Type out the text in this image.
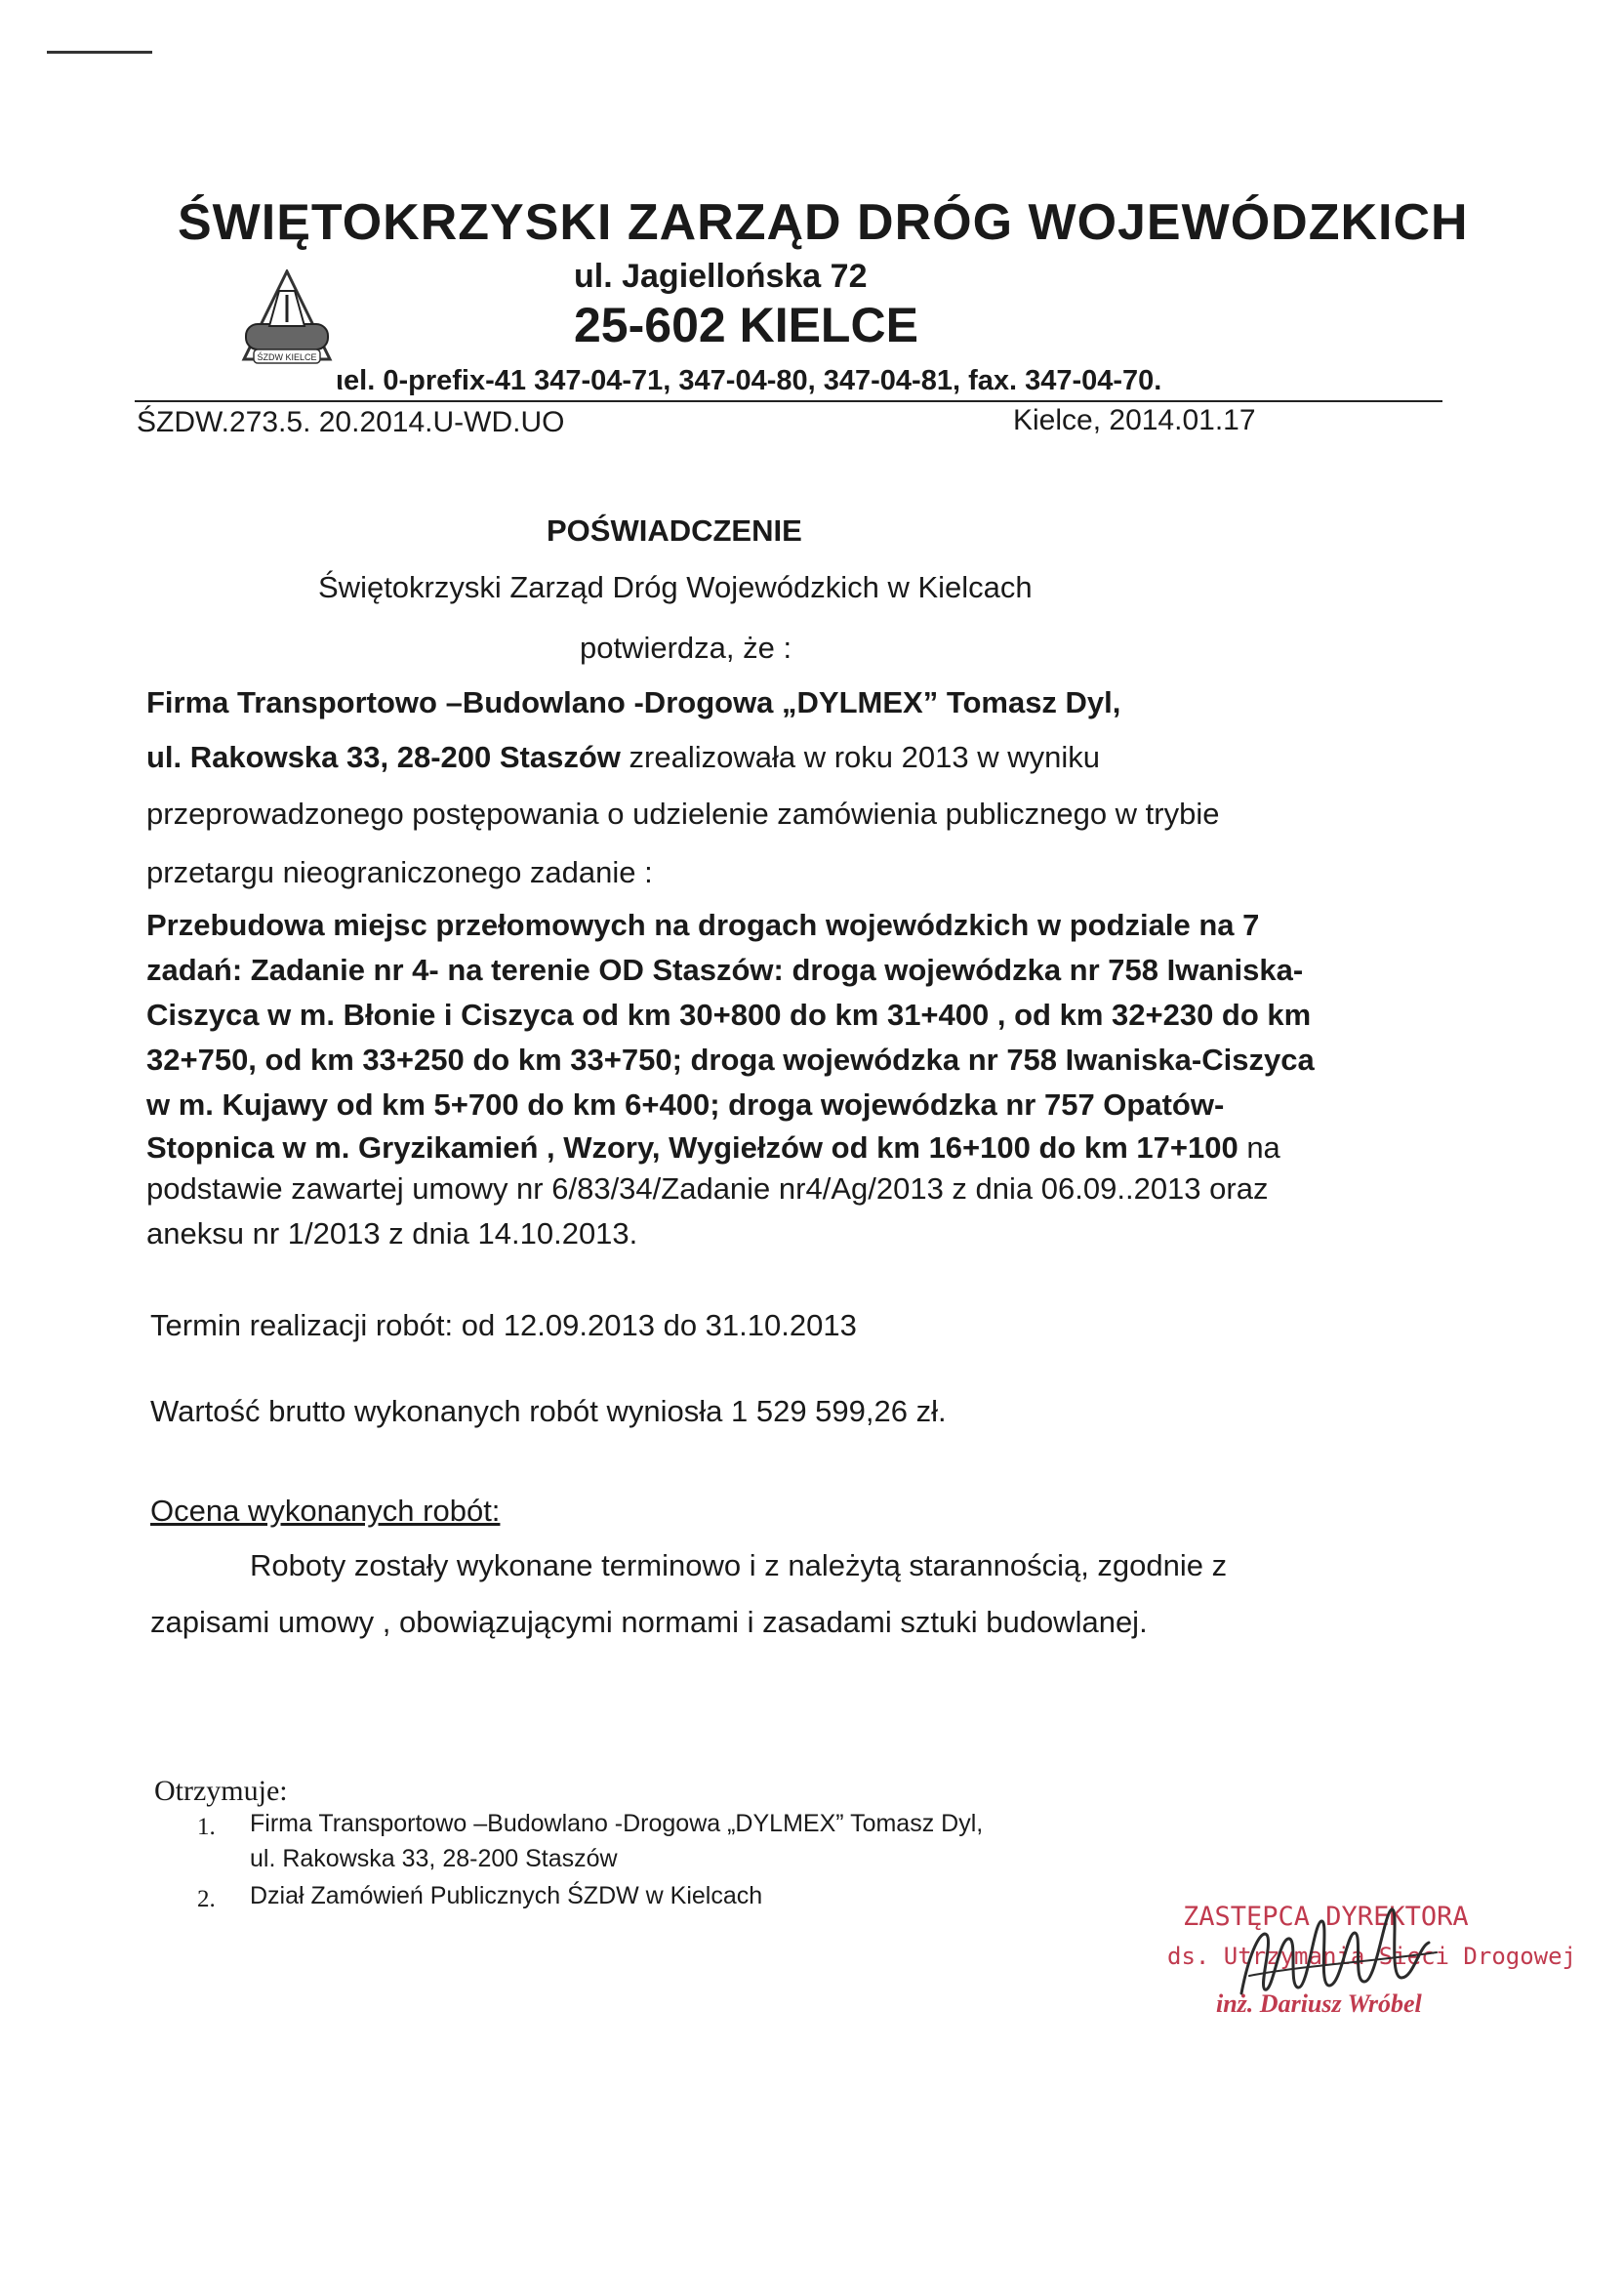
ŚWIĘTOKRZYSKI ZARZĄD DRÓG WOJEWÓDZKICH
ul. Jagiellońska 72
25-602 KIELCE
ŚZDW KIELCE
ιel. 0-prefix-41 347-04-71, 347-04-80, 347-04-81, fax. 347-04-70.
ŚZDW.273.5. 20.2014.U-WD.UO	Kielce, 2014.01.17
POŚWIADCZENIE
Świętokrzyski Zarząd Dróg Wojewódzkich w Kielcach
potwierdza, że :
Firma Transportowo –Budowlano -Drogowa „DYLMEX” Tomasz Dyl,
ul. Rakowska 33, 28-200 Staszów zrealizowała w roku 2013 w wyniku
przeprowadzonego postępowania o udzielenie zamówienia publicznego w trybie
przetargu nieograniczonego zadanie :
Przebudowa miejsc przełomowych na drogach wojewódzkich w podziale na 7
zadań: Zadanie nr 4- na terenie OD Staszów: droga wojewódzka nr 758 Iwaniska-
Ciszyca w m. Błonie i Ciszyca od km 30+800 do km 31+400 , od km 32+230 do km
32+750, od km 33+250 do km 33+750; droga wojewódzka nr 758 Iwaniska-Ciszyca
w m. Kujawy od km 5+700 do km 6+400; droga wojewódzka nr 757 Opatów-
Stopnica w m. Gryzikamień , Wzory, Wygiełzów od km 16+100 do km 17+100 na
podstawie zawartej umowy nr 6/83/34/Zadanie nr4/Ag/2013 z dnia 06.09..2013 oraz
aneksu nr 1/2013 z dnia 14.10.2013.
Termin realizacji robót: od 12.09.2013 do 31.10.2013
Wartość brutto wykonanych robót wyniosła 1 529 599,26 zł.
Ocena wykonanych robót:
Roboty zostały wykonane terminowo i z należytą starannością, zgodnie z
zapisami umowy , obowiązującymi normami i zasadami sztuki budowlanej.
Otrzymuje:
1. Firma Transportowo –Budowlano -Drogowa „DYLMEX” Tomasz Dyl,
ul. Rakowska 33, 28-200 Staszów
2. Dział Zamówień Publicznych ŚZDW w Kielcach
ZASTĘPCA DYREKTORA
ds. Utrzymania Sieci Drogowej
inż. Dariusz Wróbel
